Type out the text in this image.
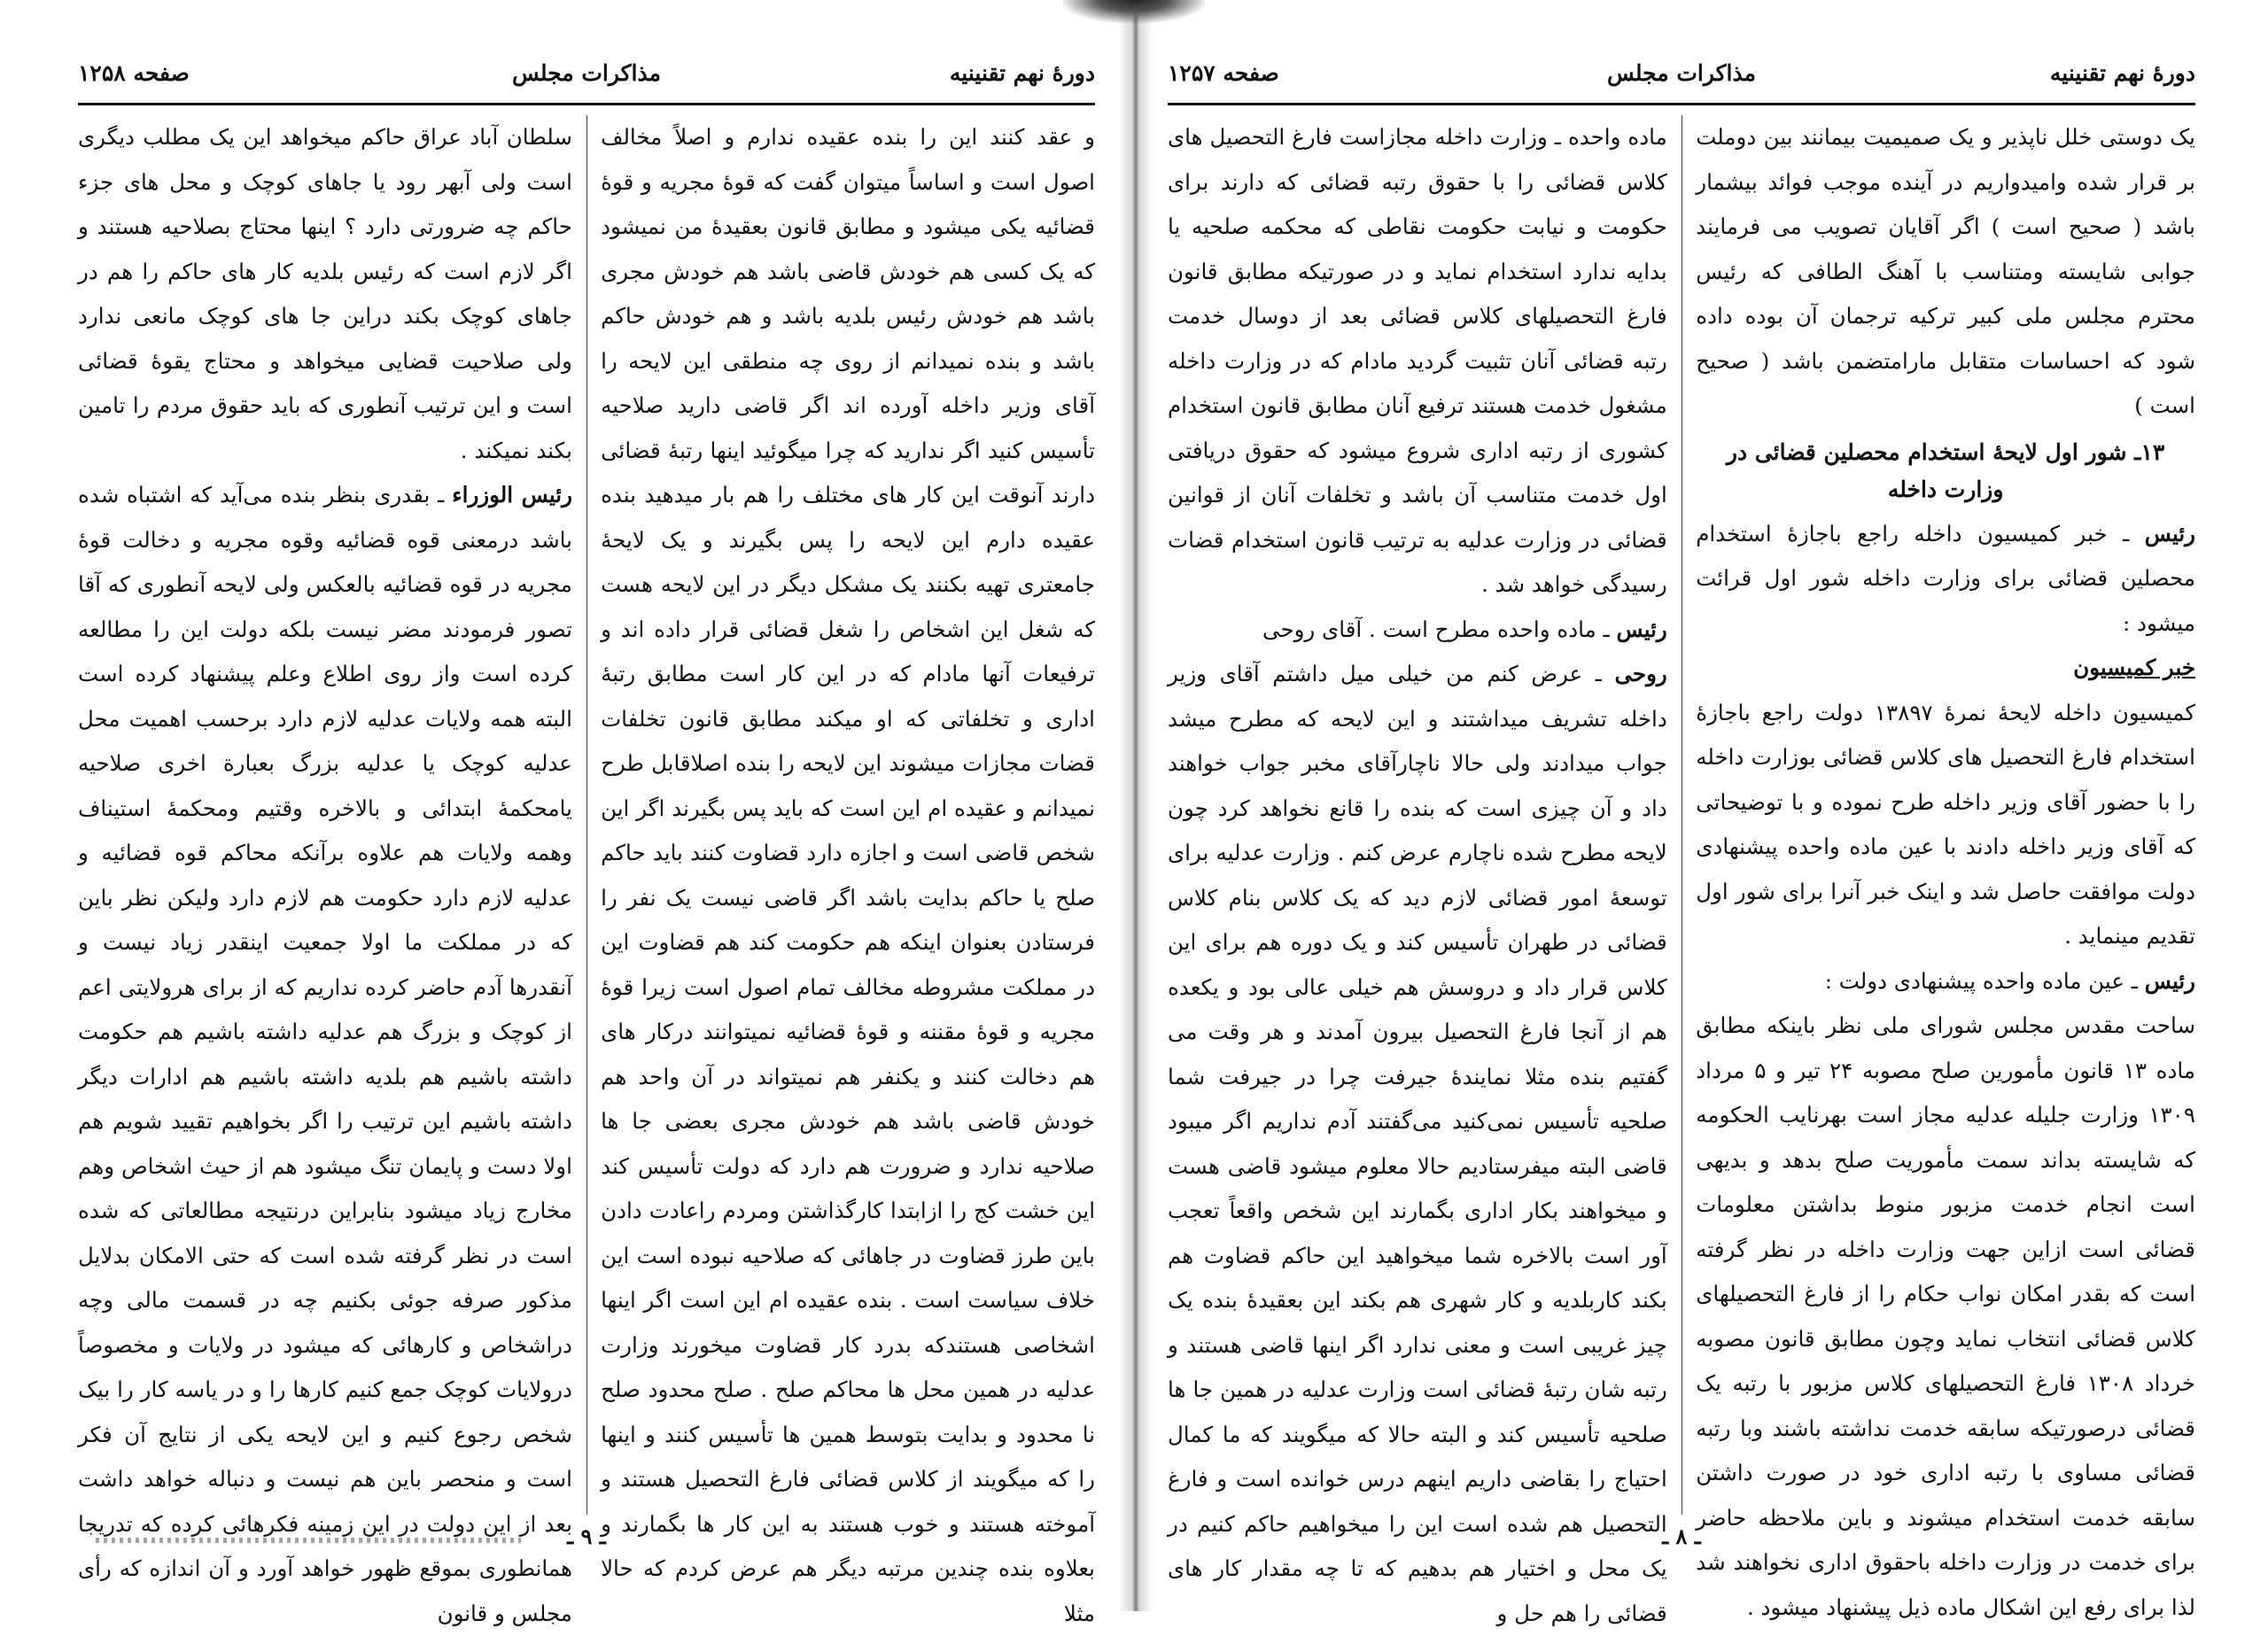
دورهٔ نهم تقنینیه
مذاکرات مجلس
صفحه ۱۲۵۸

و عقد کنند این را بنده عقیده ندارم و اصلاً مخالف اصول است و اساساً میتوان گفت که قوهٔ مجریه و قوهٔ قضائیه یکی میشود و مطابق قانون بعقیدهٔ من نمیشود که یک کسی هم خودش قاضی باشد هم خودش مجری باشد هم خودش رئیس بلدیه باشد و هم خودش حاکم باشد و بنده نمیدانم از روی چه منطقی این لایحه را آقای وزیر داخله آورده اند اگر قاضی دارید صلاحیه تأسیس کنید اگر ندارید که چرا میگوئید اینها رتبهٔ قضائی دارند آنوقت این کار های مختلف را هم بار میدهید بنده عقیده دارم این لایحه را پس بگیرند و یک لایحهٔ جامعتری تهیه بکنند یک مشکل دیگر در این لایحه هست که شغل این اشخاص را شغل قضائی قرار داده اند و ترفیعات آنها مادام که در این کار است مطابق رتبهٔ اداری و تخلفاتی که او میکند مطابق قانون تخلفات قضات مجازات میشوند این لایحه را بنده اصلاقابل طرح نمیدانم و عقیده ام این است که باید پس بگیرند اگر این شخص قاضی است و اجازه دارد قضاوت کنند باید حاکم صلح یا حاکم بدایت باشد اگر قاضی نیست یک نفر را فرستادن بعنوان اینکه هم حکومت کند هم قضاوت این در مملکت مشروطه مخالف تمام اصول است زیرا قوهٔ مجریه و قوهٔ مقننه و قوهٔ قضائیه نمیتوانند درکار های هم دخالت کنند و یکنفر هم نمیتواند در آن واحد هم خودش قاضی باشد هم خودش مجری بعضی جا ها صلاحیه ندارد و ضرورت هم دارد که دولت تأسیس کند این خشت کج را ازابتدا کارگذاشتن ومردم راعادت دادن باین طرز قضاوت در جاهائی که صلاحیه نبوده است این خلاف سیاست است . بنده عقیده ام این است اگر اینها اشخاصی هستندکه بدرد کار قضاوت میخورند وزارت عدلیه در همین محل ها محاکم صلح . صلح محدود صلح نا محدود و بدایت بتوسط همین ها تأسیس کنند و اینها را که میگویند از کلاس قضائی فارغ التحصیل هستند و آموخته هستند و خوب هستند به این کار ها بگمارند و بعلاوه بنده چندین مرتبه دیگر هم عرض کردم که حالا مثلا

سلطان آباد عراق حاکم میخواهد این یک مطلب دیگری است ولی آبهر رود یا جاهای کوچک و محل های جزء حاکم چه ضرورتی دارد ؟ اینها محتاج بصلاحیه هستند و اگر لازم است که رئیس بلدیه کار های حاکم را هم در جاهای کوچک بکند دراین جا های کوچک مانعی ندارد ولی صلاحیت قضایی میخواهد و محتاج یقوهٔ قضائی است و این ترتیب آنطوری که باید حقوق مردم را تامین بکند نمیکند .

رئیس الوزراء ـ بقدری بنظر بنده می‌آید که اشتباه شده باشد درمعنی قوه قضائیه وقوه مجریه و دخالت قوهٔ مجریه در قوه قضائیه بالعکس ولی لایحه آنطوری که آقا تصور فرمودند مضر نیست بلکه دولت این را مطالعه کرده است واز روی اطلاع وعلم پیشنهاد کرده است البته همه ولایات عدلیه لازم دارد برحسب اهمیت محل عدلیه کوچک یا عدلیه بزرگ بعبارة اخری صلاحیه یامحکمهٔ ابتدائی و بالاخره وقتیم ومحکمهٔ استیناف وهمه ولایات هم علاوه برآنکه محاکم قوه قضائیه و عدلیه لازم دارد حکومت هم لازم دارد ولیکن نظر باین که در مملکت ما اولا جمعیت اینقدر زیاد نیست و آنقدرها آدم حاضر کرده نداریم که از برای هرولایتی اعم از کوچک و بزرگ هم عدلیه داشته باشیم هم حکومت داشته باشیم هم بلدیه داشته باشیم هم ادارات دیگر داشته باشیم این ترتیب را اگر بخواهیم تقیید شویم هم اولا دست و پایمان تنگ میشود هم از حیث اشخاص وهم مخارج زیاد میشود بنابراین درنتیجه مطالعاتی که شده است در نظر گرفته شده است که حتی الامکان بدلایل مذکور صرفه جوئی بکنیم چه در قسمت مالی وچه دراشخاص و کارهائی که میشود در ولایات و مخصوصاً درولایات کوچک جمع کنیم کارها را و در یاسه کار را بیک شخص رجوع کنیم و این لایحه یکی از نتایج آن فکر است و منحصر باین هم نیست و دنباله خواهد داشت بعد از این دولت در این زمینه فکرهائی کرده که تدریجا همانطوری بموقع ظهور خواهد آورد و آن اندازه که رأی مجلس و قانون

ـ ۹ ـ
دورهٔ نهم تقنینیه
مذاکرات مجلس
صفحه ۱۲۵۷

یک دوستی خلل ناپذیر و یک صمیمیت بیمانند بین دوملت بر قرار شده وامیدواریم در آینده موجب فوائد بیشمار باشد ( صحیح است ) اگر آقایان تصویب می فرمایند جوابی شایسته ومتناسب با آهنگ الطافی که رئیس محترم مجلس ملی کبیر ترکیه ترجمان آن بوده داده شود که احساسات متقابل مارامتضمن باشد ( صحیح است )

۱۳ـ شور اول لایحهٔ استخدام محصلین قضائی در وزارت داخله

رئیس ـ خبر کمیسیون داخله راجع باجازهٔ استخدام محصلین قضائی برای وزارت داخله شور اول قرائت میشود :

خبر کمیسیون

کمیسیون داخله لایحهٔ نمرهٔ ۱۳۸۹۷ دولت راجع باجازهٔ استخدام فارغ التحصیل های کلاس قضائی بوزارت داخله را با حضور آقای وزیر داخله طرح نموده و با توضیحاتی که آقای وزیر داخله دادند با عین ماده واحده پیشنهادی دولت موافقت حاصل شد و اینک خبر آنرا برای شور اول تقدیم مینماید .

رئیس ـ عین ماده واحده پیشنهادی دولت :

ساحت مقدس مجلس شورای ملی نظر باینکه مطابق ماده ۱۳ قانون مأمورین صلح مصوبه ۲۴ تیر و ۵ مرداد ۱۳۰۹ وزارت جلیله عدلیه مجاز است بهرنایب الحکومه که شایسته بداند سمت مأموریت صلح بدهد و بدیهی است انجام خدمت مزبور منوط بداشتن معلومات قضائی است ازاین جهت وزارت داخله در نظر گرفته است که بقدر امکان نواب حکام را از فارغ التحصیلهای کلاس قضائی انتخاب نماید وچون مطابق قانون مصوبه خرداد ۱۳۰۸ فارغ التحصیلهای کلاس مزبور با رتبه یک قضائی درصورتیکه سابقه خدمت نداشته باشند وبا رتبه قضائی مساوی با رتبه اداری خود در صورت داشتن سابقه خدمت استخدام میشوند و باین ملاحظه حاضر برای خدمت در وزارت داخله باحقوق اداری نخواهند شد لذا برای رفع این اشکال ماده ذیل پیشنهاد میشود .

ماده واحده ـ وزارت داخله مجازاست فارغ التحصیل های کلاس قضائی را با حقوق رتبه قضائی که دارند برای حکومت و نیابت حکومت نقاطی که محکمه صلحیه یا بدایه ندارد استخدام نماید و در صورتیکه مطابق قانون فارغ التحصیلهای کلاس قضائی بعد از دوسال خدمت رتبه قضائی آنان تثبیت گردید مادام که در وزارت داخله مشغول خدمت هستند ترفیع آنان مطابق قانون استخدام کشوری از رتبه اداری شروع میشود که حقوق دریافتی اول خدمت متناسب آن باشد و تخلفات آنان از قوانین قضائی در وزارت عدلیه به ترتیب قانون استخدام قضات رسیدگی خواهد شد .

رئیس ـ ماده واحده مطرح است . آقای روحی

روحی ـ عرض کنم من خیلی میل داشتم آقای وزیر داخله تشریف میداشتند و این لایحه که مطرح میشد جواب میدادند ولی حالا ناچارآقای مخبر جواب خواهند داد و آن چیزی است که بنده را قانع نخواهد کرد چون لایحه مطرح شده ناچارم عرض کنم . وزارت عدلیه برای توسعهٔ امور قضائی لازم دید که یک کلاس بنام کلاس قضائی در طهران تأسیس کند و یک دوره هم برای این کلاس قرار داد و دروسش هم خیلی عالی بود و یکعده هم از آنجا فارغ التحصیل بیرون آمدند و هر وقت می گفتیم بنده مثلا نمایندهٔ جیرفت چرا در جیرفت شما صلحیه تأسیس نمی‌کنید می‌گفتند آدم نداریم اگر میبود قاضی البته میفرستادیم حالا معلوم میشود قاضی هست و میخواهند بکار اداری بگمارند این شخص واقعاً تعجب آور است بالاخره شما میخواهید این حاکم قضاوت هم بکند کاربلدیه و کار شهری هم بکند این بعقیدهٔ بنده یک چیز غریبی است و معنی ندارد اگر اینها قاضی هستند و رتبه شان رتبهٔ قضائی است وزارت عدلیه در همین جا ها صلحیه تأسیس کند و البته حالا که میگویند که ما کمال احتیاج را بقاضی داریم اینهم درس خوانده است و فارغ التحصیل هم شده است این را میخواهیم حاکم کنیم در یک محل و اختیار هم بدهیم که تا چه مقدار کار های قضائی را هم حل و

ـ ۸ ـ
